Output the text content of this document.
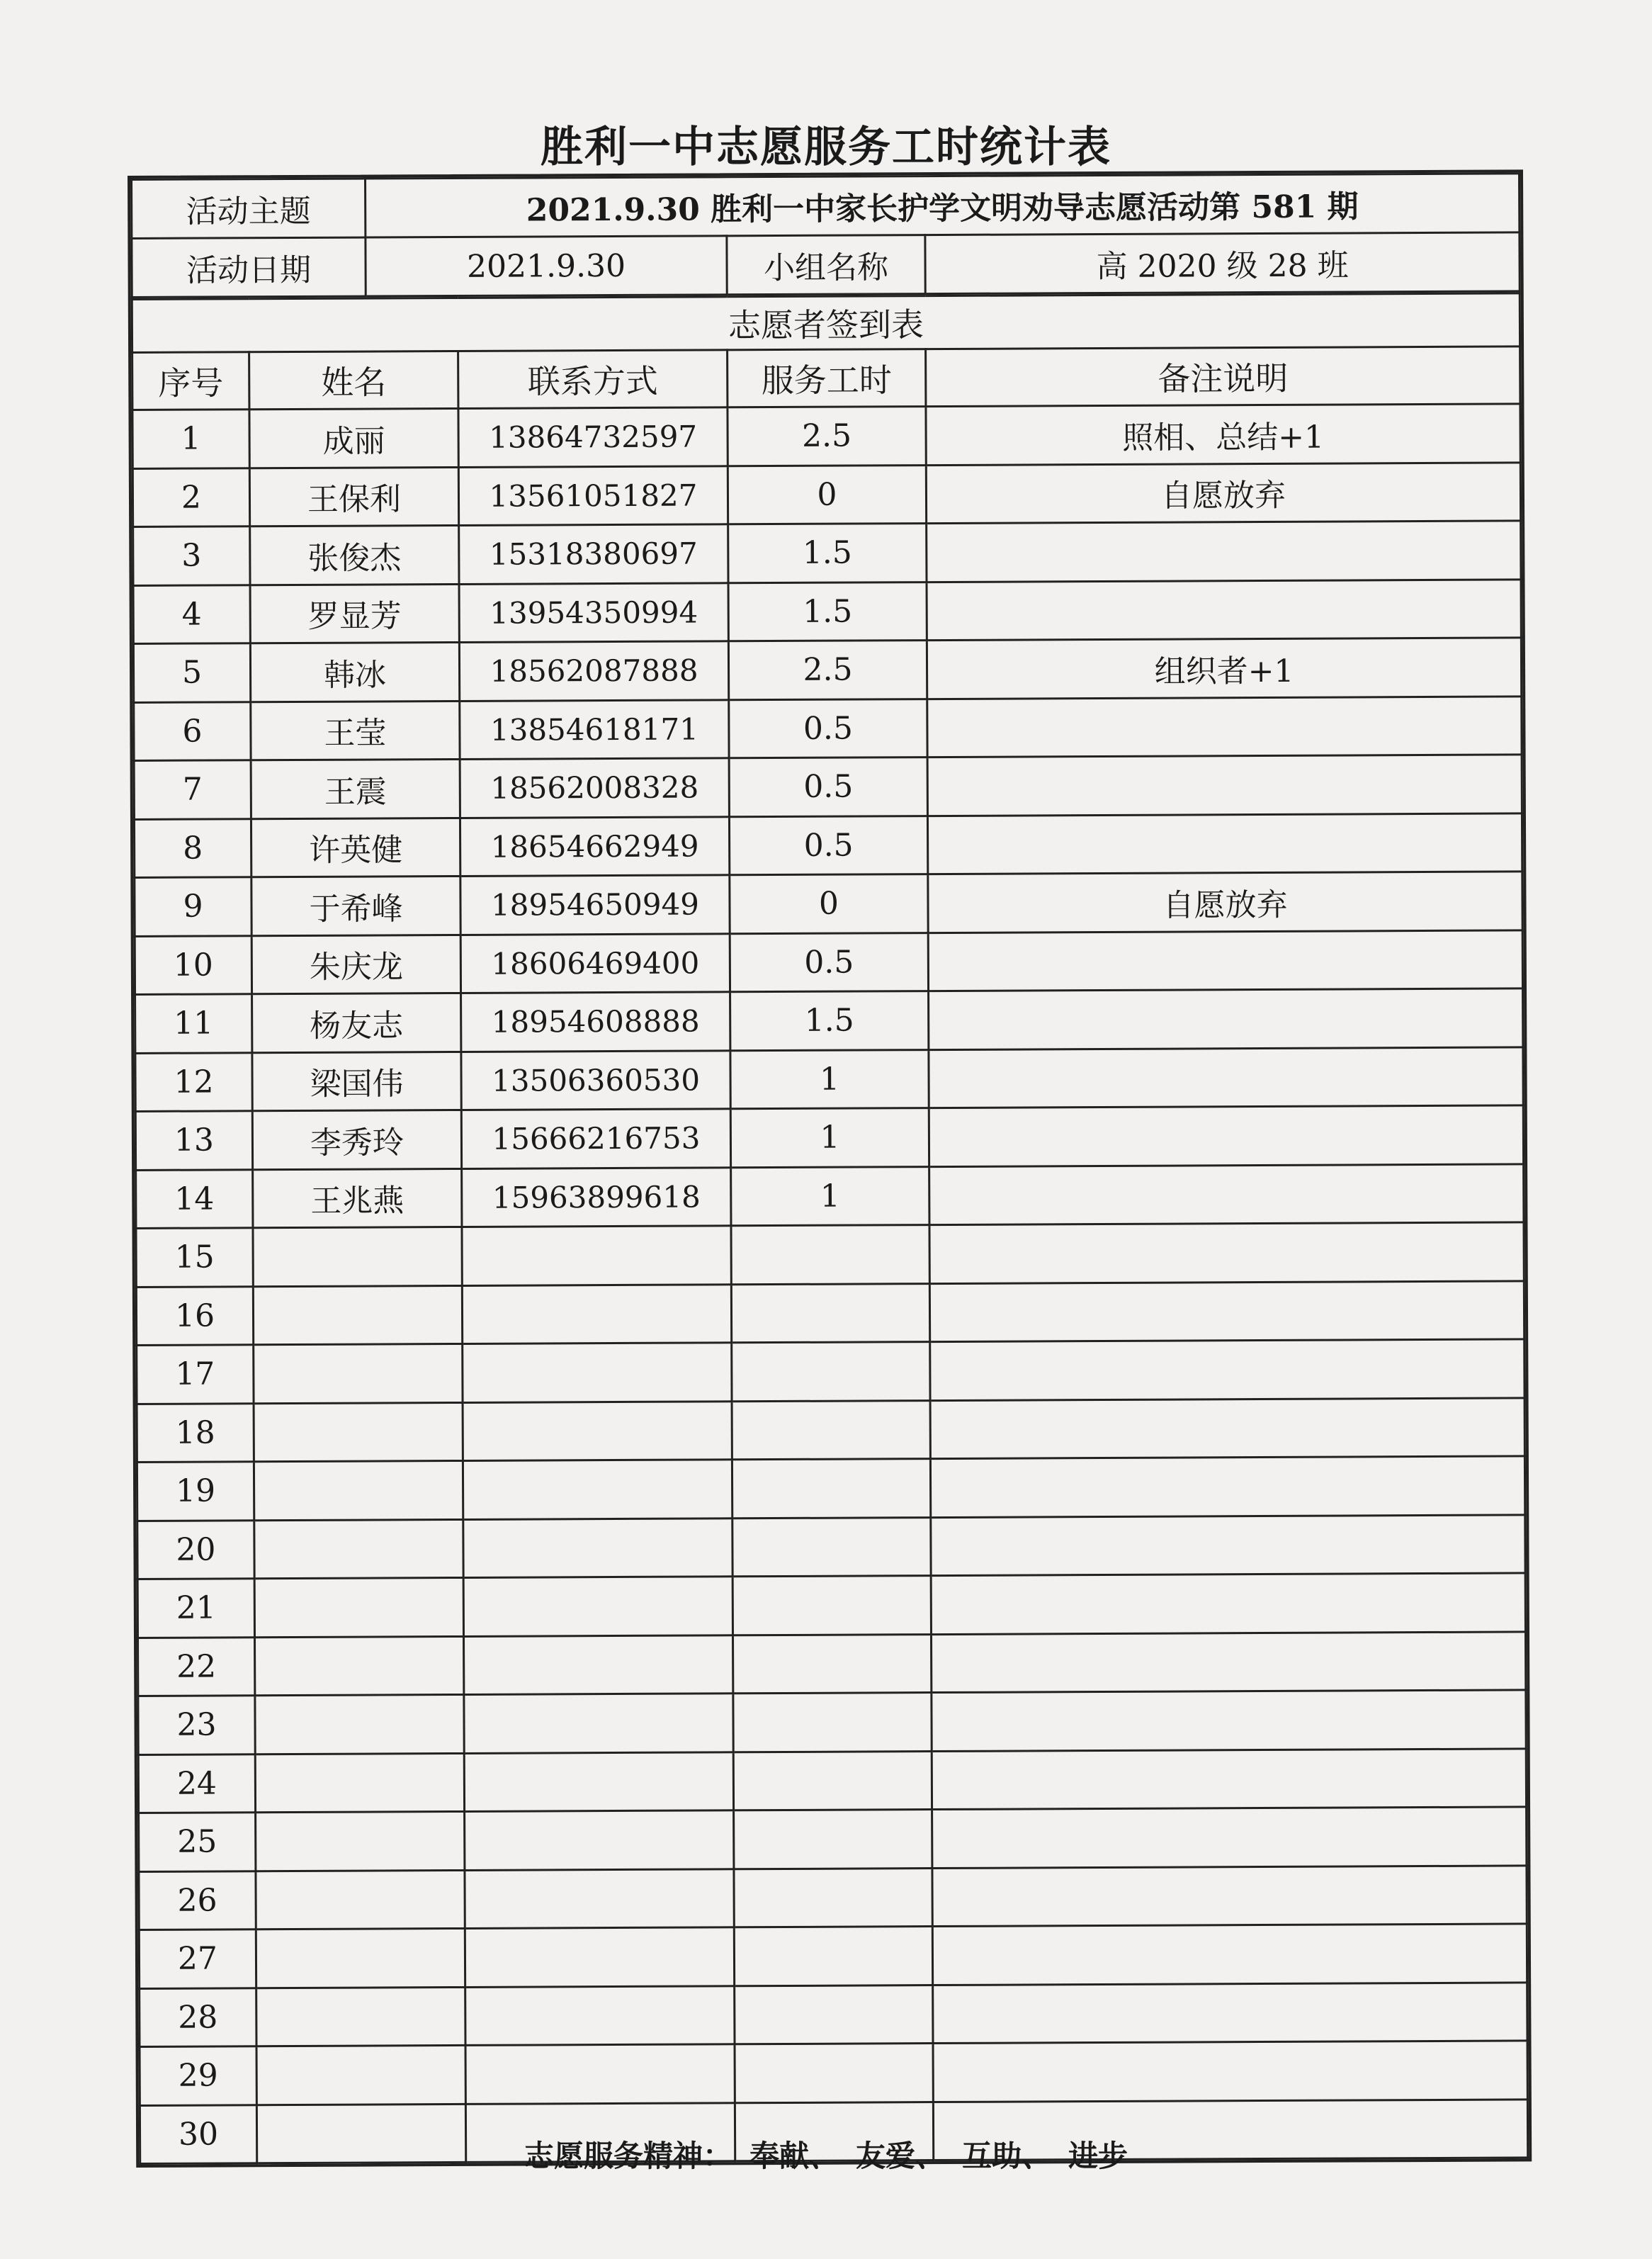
胜利一中志愿服务工时统计表
活动主题	2021.9.30 胜利一中家长护学文明劝导志愿活动第 581 期		
活动日期	2021.9.30	小组名称	高 2020 级 28 班
志愿者签到表				
序号	姓名	联系方式	服务工时	备注说明
1	成丽	13864732597	2.5	照相、总结+1
2	王保利	13561051827	0	自愿放弃
3	张俊杰	15318380697	1.5	
4	罗显芳	13954350994	1.5	
5	韩冰	18562087888	2.5	组织者+1
6	王莹	13854618171	0.5	
7	王震	18562008328	0.5	
8	许英健	18654662949	0.5	
9	于希峰	18954650949	0	自愿放弃
10	朱庆龙	18606469400	0.5	
11	杨友志	18954608888	1.5	
12	梁国伟	13506360530	1	
13	李秀玲	15666216753	1	
14	王兆燕	15963899618	1	
15				
16				
17				
18				
19				
20				
21				
22				
23				
24				
25				
26				
27				
28				
29				
30				
志愿服务精神： 奉献、 友爱、 互助、 进步
